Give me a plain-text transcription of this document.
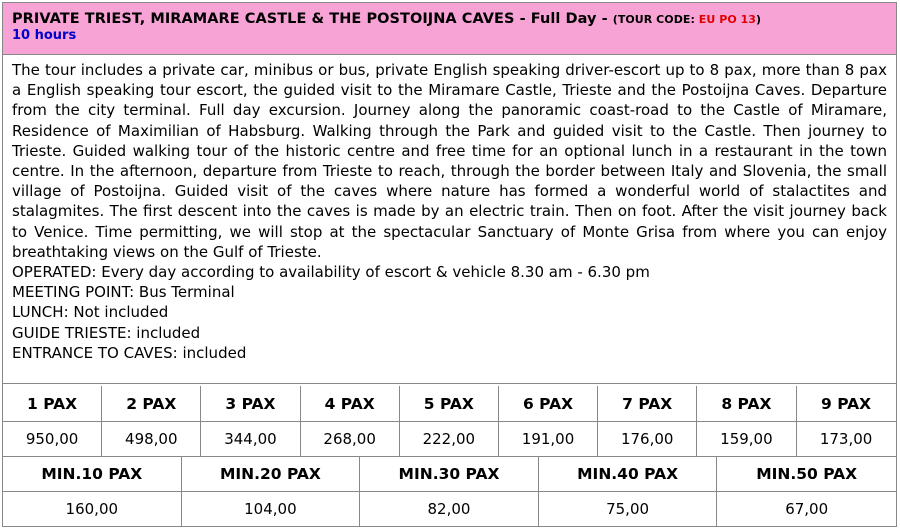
PRIVATE TRIEST, MIRAMARE CASTLE & THE POSTOIJNA CAVES - Full Day - (TOUR CODE: EU PO 13)
10 hours
The tour includes a private car, minibus or bus, private English speaking driver-escort up to 8 pax, more than 8 pax a English speaking tour escort, the guided visit to the Miramare Castle, Trieste and the Postoijna Caves. Departure from the city terminal. Full day excursion. Journey along the panoramic coast-road to the Castle of Miramare, Residence of Maximilian of Habsburg. Walking through the Park and guided visit to the Castle. Then journey to Trieste. Guided walking tour of the historic centre and free time for an optional lunch in a restaurant in the town centre. In the afternoon, departure from Trieste to reach, through the border between Italy and Slovenia, the small village of Postoijna. Guided visit of the caves where nature has formed a wonderful world of stalactites and stalagmites. The first descent into the caves is made by an electric train. Then on foot. After the visit journey back to Venice. Time permitting, we will stop at the spectacular Sanctuary of Monte Grisa from where you can enjoy breathtaking views on the Gulf of Trieste.
OPERATED: Every day according to availability of escort & vehicle 8.30 am - 6.30 pm
MEETING POINT: Bus Terminal
LUNCH: Not included
GUIDE TRIESTE: included
ENTRANCE TO CAVES: included
1 PAX	2 PAX	3 PAX	4 PAX	5 PAX	6 PAX	7 PAX	8 PAX	9 PAX
950,00	498,00	344,00	268,00	222,00	191,00	176,00	159,00	173,00
MIN.10 PAX	MIN.20 PAX	MIN.30 PAX	MIN.40 PAX	MIN.50 PAX
160,00	104,00	82,00	75,00	67,00
